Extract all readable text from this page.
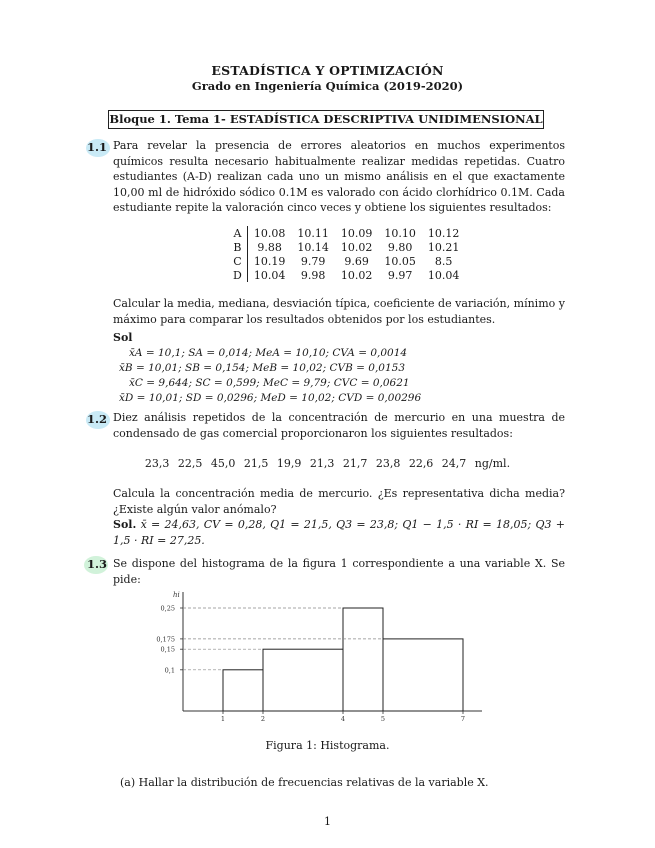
ESTADÍSTICA Y OPTIMIZACIÓN
Grado en Ingeniería Química (2019-2020)
Bloque 1. Tema 1- ESTADÍSTICA DESCRIPTIVA UNIDIMENSIONAL
1.1 Para revelar la presencia de errores aleatorios en muchos experimentos químicos resulta necesario habitualmente realizar medidas repetidas. Cuatro estudiantes (A-D) realizan cada uno un mismo análisis en el que exactamente 10,00 ml de hidróxido sódico 0.1M es valorado con ácido clorhídrico 0.1M. Cada estudiante repite la valoración cinco veces y obtiene los siguientes resultados:

A	10.08	10.11	10.09	10.10	10.12
B	9.88	10.14	10.02	9.80	10.21
C	10.19	9.79	9.69	10.05	8.5
D	10.04	9.98	10.02	9.97	10.04

Calcular la media, mediana, desviación típica, coeficiente de variación, mínimo y máximo para comparar los resultados obtenidos por los estudiantes.

Sol
x̄A = 10,1; SA = 0,014; MeA = 10,10; CVA = 0,0014
x̄B = 10,01; SB = 0,154; MeB = 10,02; CVB = 0,0153
x̄C = 9,644; SC = 0,599; MeC = 9,79; CVC = 0,0621
x̄D = 10,01; SD = 0,0296; MeD = 10,02; CVD = 0,00296
1.2 Diez análisis repetidos de la concentración de mercurio en una muestra de condensado de gas comercial proporcionaron los siguientes resultados:

23,3 22,5 45,0 21,5 19,9 21,3 21,7 23,8 22,6 24,7 ng/ml.

Calcula la concentración media de mercurio. ¿Es representativa dicha media?¿Existe algún valor anómalo?

Sol. x̄ = 24,63, CV = 0,28, Q1 = 21,5, Q3 = 23,8; Q1 − 1,5 · RI = 18,05; Q3 + 1,5 · RI = 27,25.

1.3 Se dispone del histograma de la figura 1 correspondiente a una variable X. Se pide:

hi
0,1
0,15
0,175
0,25
1	2	4	5	7
Figura 1: Histograma.
(a) Hallar la distribución de frecuencias relativas de la variable X.
1
